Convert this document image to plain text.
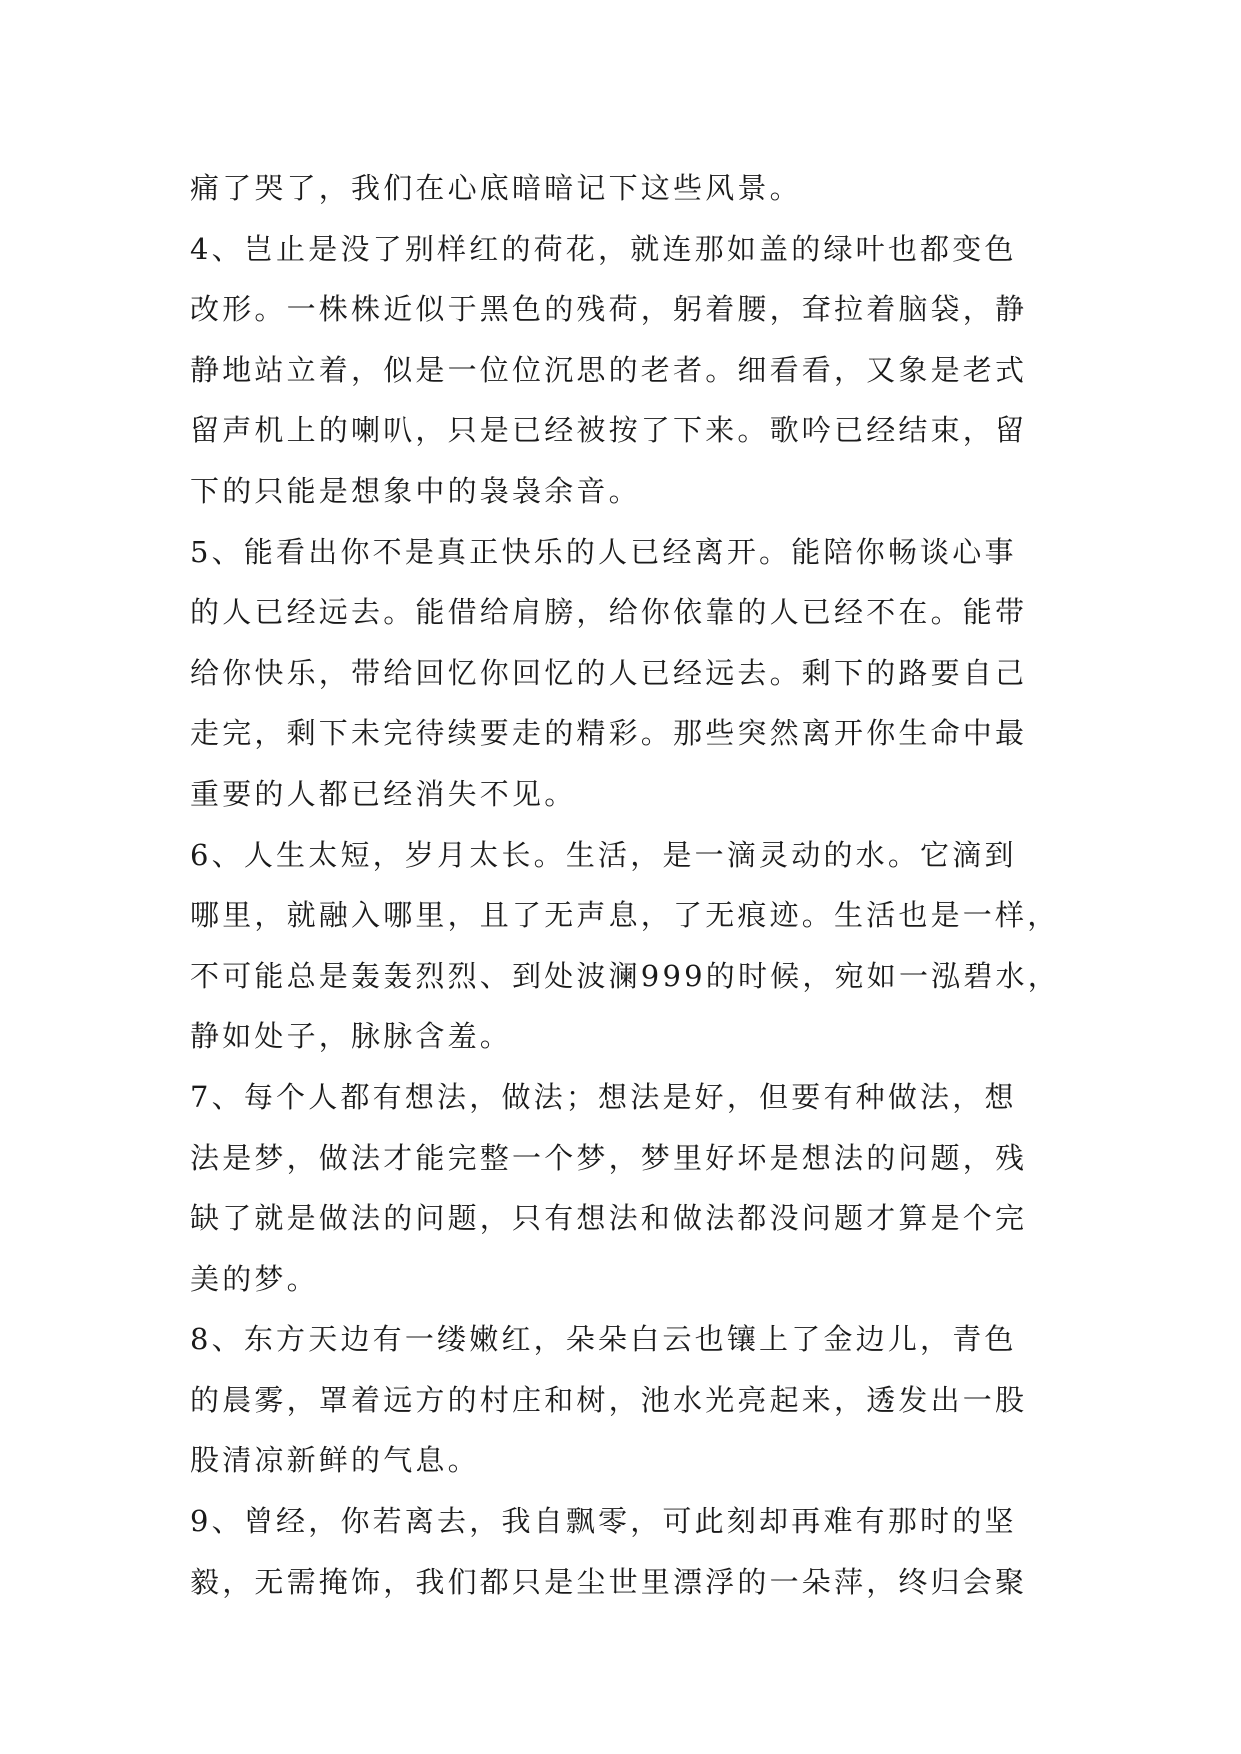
痛了哭了，我们在心底暗暗记下这些风景。
4、岂止是没了别样红的荷花，就连那如盖的绿叶也都变色
改形。一株株近似于黑色的残荷，躬着腰，耷拉着脑袋，静
静地站立着，似是一位位沉思的老者。细看看，又象是老式
留声机上的喇叭，只是已经被按了下来。歌吟已经结束，留
下的只能是想象中的袅袅余音。
5、能看出你不是真正快乐的人已经离开。能陪你畅谈心事
的人已经远去。能借给肩膀，给你依靠的人已经不在。能带
给你快乐，带给回忆你回忆的人已经远去。剩下的路要自己
走完，剩下未完待续要走的精彩。那些突然离开你生命中最
重要的人都已经消失不见。
6、人生太短，岁月太长。生活，是一滴灵动的水。它滴到
哪里，就融入哪里，且了无声息，了无痕迹。生活也是一样，
不可能总是轰轰烈烈、到处波澜999的时候，宛如一泓碧水，
静如处子，脉脉含羞。
7、每个人都有想法，做法；想法是好，但要有种做法，想
法是梦，做法才能完整一个梦，梦里好坏是想法的问题，残
缺了就是做法的问题，只有想法和做法都没问题才算是个完
美的梦。
8、东方天边有一缕嫩红，朵朵白云也镶上了金边儿，青色
的晨雾，罩着远方的村庄和树，池水光亮起来，透发出一股
股清凉新鲜的气息。
9、曾经，你若离去，我自飘零，可此刻却再难有那时的坚
毅，无需掩饰，我们都只是尘世里漂浮的一朵萍，终归会聚
